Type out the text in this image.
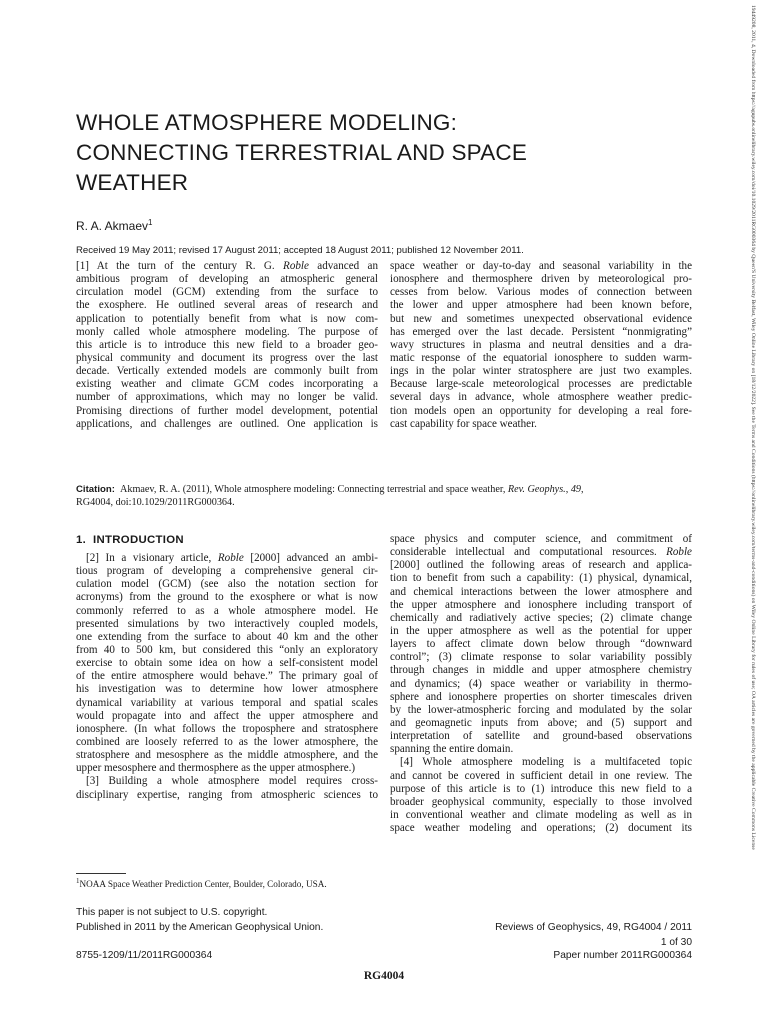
19449208, 2011, 4, Downloaded from https://agupubs.onlinelibrary.wiley.com/doi/10.1029/2011RG000364 by Queen'S University Belfast, Wiley Online Library on [18/12/2022]. See the Terms and Conditions (https://onlinelibrary.wiley.com/terms-and-conditions) on Wiley Online Library for rules of use; OA articles are governed by the applicable Creative Commons License
WHOLE ATMOSPHERE MODELING:
CONNECTING TERRESTRIAL AND SPACE
WEATHER
R. A. Akmaev$^1$
Received 19 May 2011; revised 17 August 2011; accepted 18 August 2011; published 12 November 2011.
[1] At the turn of the century R. G. Roble advanced an
ambitious program of developing an atmospheric general
circulation model (GCM) extending from the surface to
the exosphere. He outlined several areas of research and
application to potentially benefit from what is now com-
monly called whole atmosphere modeling. The purpose of
this article is to introduce this new field to a broader geo-
physical community and document its progress over the last
decade. Vertically extended models are commonly built from
existing weather and climate GCM codes incorporating a
number of approximations, which may no longer be valid.
Promising directions of further model development, potential
applications, and challenges are outlined. One application is
space weather or day-to-day and seasonal variability in the
ionosphere and thermosphere driven by meteorological pro-
cesses from below. Various modes of connection between
the lower and upper atmosphere had been known before,
but new and sometimes unexpected observational evidence
has emerged over the last decade. Persistent “nonmigrating”
wavy structures in plasma and neutral densities and a dra-
matic response of the equatorial ionosphere to sudden warm-
ings in the polar winter stratosphere are just two examples.
Because large-scale meteorological processes are predictable
several days in advance, whole atmosphere weather predic-
tion models open an opportunity for developing a real fore-
cast capability for space weather.
Citation: Akmaev, R. A. (2011), Whole atmosphere modeling: Connecting terrestrial and space weather, Rev. Geophys., 49,
RG4004, doi:10.1029/2011RG000364.
1.  INTRODUCTION
[2] In a visionary article, Roble [2000] advanced an ambi-
tious program of developing a comprehensive general cir-
culation model (GCM) (see also the notation section for
acronyms) from the ground to the exosphere or what is now
commonly referred to as a whole atmosphere model. He
presented simulations by two interactively coupled models,
one extending from the surface to about 40 km and the other
from 40 to 500 km, but considered this “only an exploratory
exercise to obtain some idea on how a self-consistent model
of the entire atmosphere would behave.” The primary goal of
his investigation was to determine how lower atmosphere
dynamical variability at various temporal and spatial scales
would propagate into and affect the upper atmosphere and
ionosphere. (In what follows the troposphere and stratosphere
combined are loosely referred to as the lower atmosphere, the
stratosphere and mesosphere as the middle atmosphere, and the
upper mesosphere and thermosphere as the upper atmosphere.)
[3] Building a whole atmosphere model requires cross-
disciplinary expertise, ranging from atmospheric sciences to
space physics and computer science, and commitment of
considerable intellectual and computational resources. Roble
[2000] outlined the following areas of research and applica-
tion to benefit from such a capability: (1) physical, dynamical,
and chemical interactions between the lower atmosphere and
the upper atmosphere and ionosphere including transport of
chemically and radiatively active species; (2) climate change
in the upper atmosphere as well as the potential for upper
layers to affect climate down below through “downward
control”; (3) climate response to solar variability possibly
through changes in middle and upper atmosphere chemistry
and dynamics; (4) space weather or variability in thermo-
sphere and ionosphere properties on shorter timescales driven
by the lower-atmospheric forcing and modulated by the solar
and geomagnetic inputs from above; and (5) support and
interpretation of satellite and ground-based observations
spanning the entire domain.
[4] Whole atmosphere modeling is a multifaceted topic
and cannot be covered in sufficient detail in one review. The
purpose of this article is to (1) introduce this new field to a
broader geophysical community, especially to those involved
in conventional weather and climate modeling as well as in
space weather modeling and operations; (2) document its
$^1$NOAA Space Weather Prediction Center, Boulder, Colorado, USA.
This paper is not subject to U.S. copyright.
Published in 2011 by the American Geophysical Union.	Reviews of Geophysics, 49, RG4004 / 2011
1 of 30
8755-1209/11/2011RG000364	Paper number 2011RG000364
RG4004
